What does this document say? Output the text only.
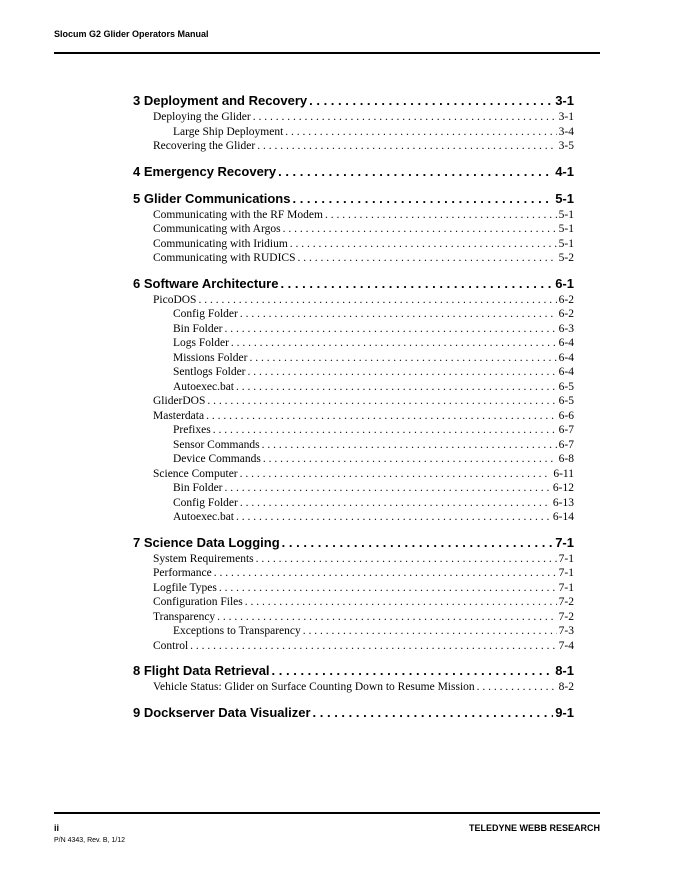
Slocum G2 Glider Operators Manual
3 Deployment and Recovery . . .	3-1
Deploying the Glider . . .	3-1
Large Ship Deployment . . .	3-4
Recovering the Glider . . .	3-5
4 Emergency Recovery . . .	4-1
5 Glider Communications . . .	5-1
Communicating with the RF Modem . . .	5-1
Communicating with Argos . . .	5-1
Communicating with Iridium . . .	5-1
Communicating with RUDICS . . .	5-2
6 Software Architecture . . .	6-1
PicoDOS . . .	6-2
Config Folder . . .	6-2
Bin Folder . . .	6-3
Logs Folder . . .	6-4
Missions Folder . . .	6-4
Sentlogs Folder . . .	6-4
Autoexec.bat . . .	6-5
GliderDOS . . .	6-5
Masterdata . . .	6-6
Prefixes . . .	6-7
Sensor Commands . . .	6-7
Device Commands . . .	6-8
Science Computer . . .	6-11
Bin Folder . . .	6-12
Config Folder . . .	6-13
Autoexec.bat . . .	6-14
7 Science Data Logging . . .	7-1
System Requirements . . .	7-1
Performance . . .	7-1
Logfile Types . . .	7-1
Configuration Files . . .	7-2
Transparency . . .	7-2
Exceptions to Transparency . . .	7-3
Control . . .	7-4
8 Flight Data Retrieval . . .	8-1
Vehicle Status: Glider on Surface Counting Down to Resume Mission . . .	8-2
9 Dockserver Data Visualizer . . .	9-1
ii	TELEDYNE WEBB RESEARCH
P/N 4343, Rev. B, 1/12
